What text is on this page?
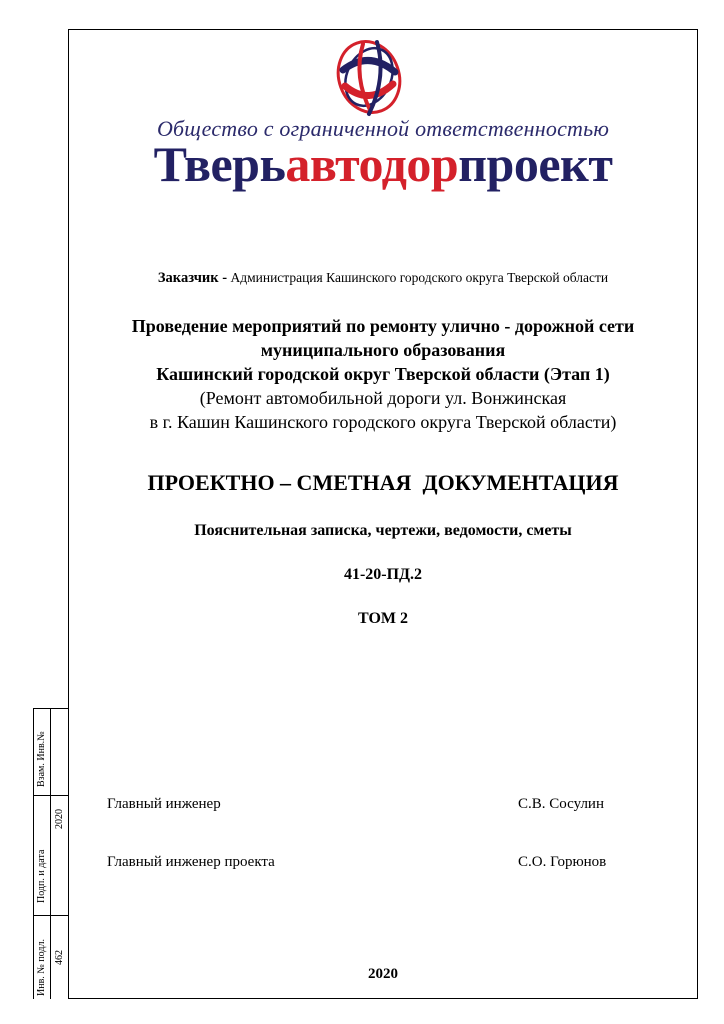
Общество с ограниченной ответственностью
Тверьавтодорпроект
Заказчик - Администрация Кашинского городского округа Тверской области
Проведение мероприятий по ремонту улично - дорожной сети
муниципального образования
Кашинский городской округ Тверской области (Этап 1)
(Ремонт автомобильной дороги ул. Вонжинская
в г. Кашин Кашинского городского округа Тверской области)
ПРОЕКТНО – СМЕТНАЯ  ДОКУМЕНТАЦИЯ
Пояснительная записка, чертежи, ведомости, сметы
41-20-ПД.2
ТОМ 2
Главный инженер	С.В. Сосулин
Главный инженер проекта	С.О. Горюнов
2020
Взам. Инв.№
Подп. и дата
2020
Инв. № подл. 462
